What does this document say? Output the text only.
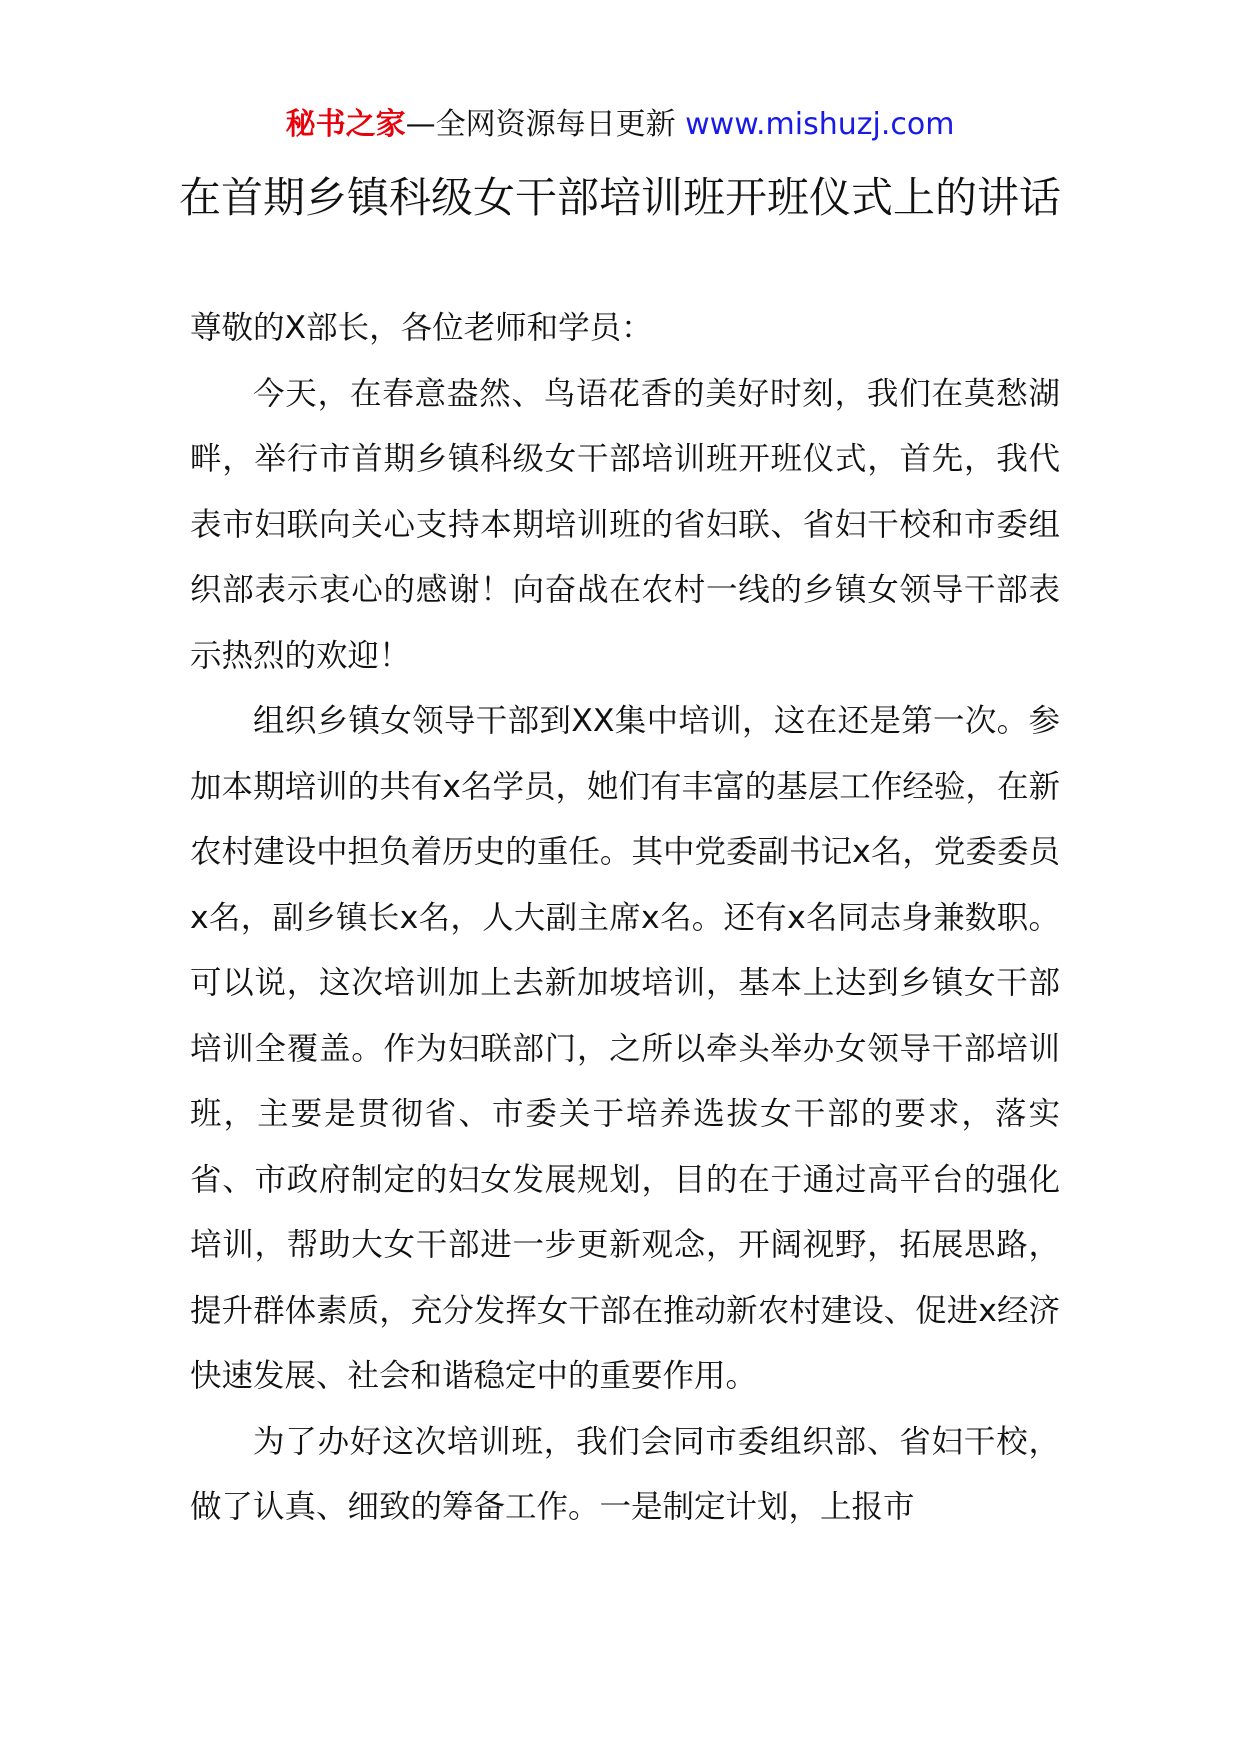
秘书之家—全网资源每日更新 www.mishuzj.com
在首期乡镇科级女干部培训班开班仪式上的讲话

尊敬的X部长，各位老师和学员：

今天，在春意盎然、鸟语花香的美好时刻，我们在莫愁湖畔，举行市首期乡镇科级女干部培训班开班仪式，首先，我代表市妇联向关心支持本期培训班的省妇联、省妇干校和市委组织部表示衷心的感谢！向奋战在农村一线的乡镇女领导干部表示热烈的欢迎！

组织乡镇女领导干部到XX集中培训，这在还是第一次。参加本期培训的共有x名学员，她们有丰富的基层工作经验，在新农村建设中担负着历史的重任。其中党委副书记x名，党委委员x名，副乡镇长x名，人大副主席x名。还有x名同志身兼数职。可以说，这次培训加上去新加坡培训，基本上达到乡镇女干部培训全覆盖。作为妇联部门，之所以牵头举办女领导干部培训班，主要是贯彻省、市委关于培养选拔女干部的要求，落实省、市政府制定的妇女发展规划，目的在于通过高平台的强化培训，帮助大女干部进一步更新观念，开阔视野，拓展思路，提升群体素质，充分发挥女干部在推动新农村建设、促进x经济快速发展、社会和谐稳定中的重要作用。

为了办好这次培训班，我们会同市委组织部、省妇干校，做了认真、细致的筹备工作。一是制定计划，上报市
